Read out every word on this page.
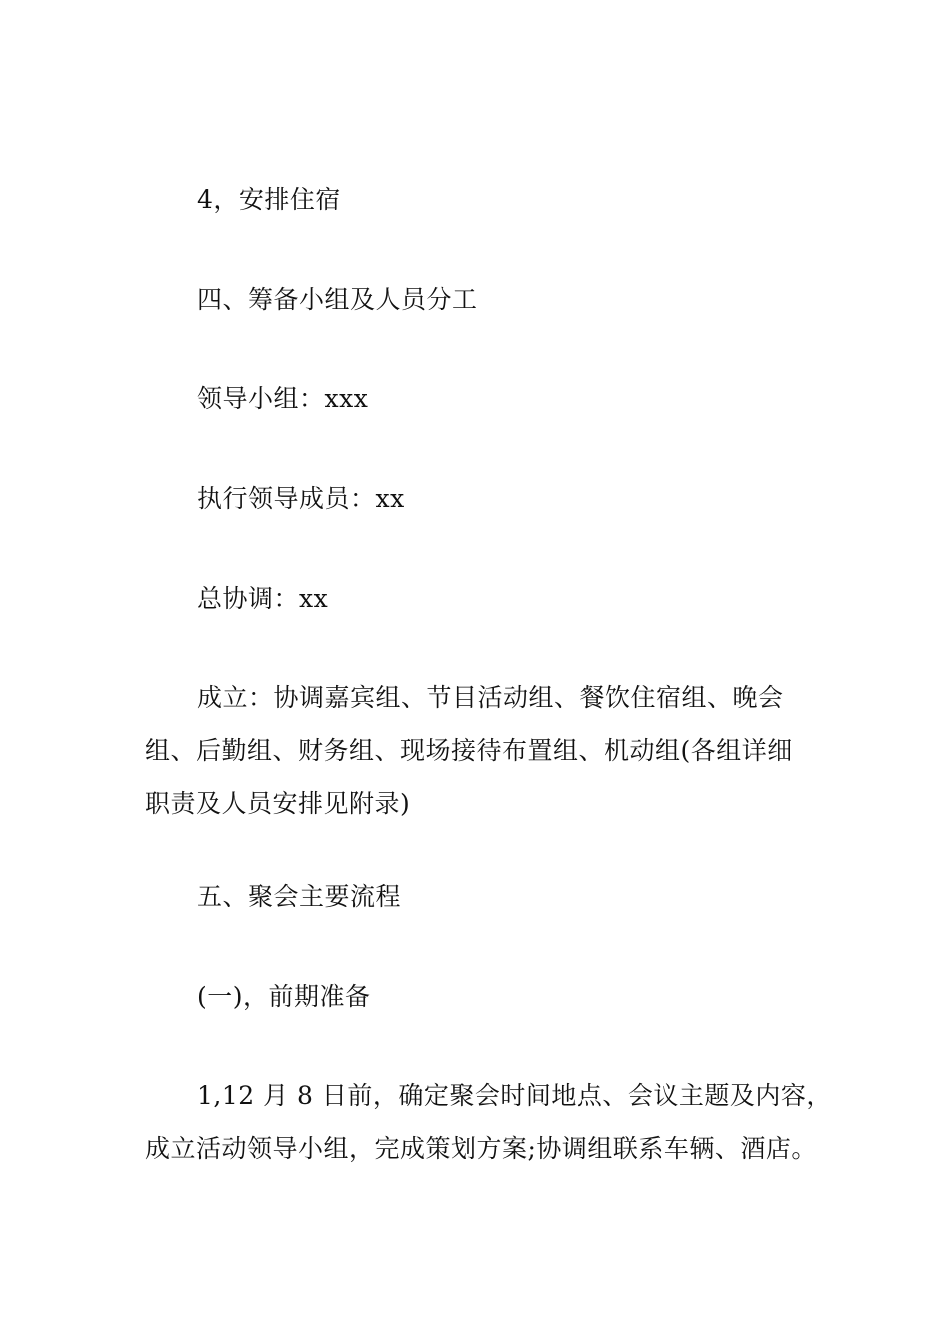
4，安排住宿
四、筹备小组及人员分工
领导小组：xxx
执行领导成员：xx
总协调：xx
成立：协调嘉宾组、节目活动组、餐饮住宿组、晚会
组、后勤组、财务组、现场接待布置组、机动组(各组详细
职责及人员安排见附录)
五、聚会主要流程
(一)，前期准备
1,12 月 8 日前，确定聚会时间地点、会议主题及内容，
成立活动领导小组，完成策划方案;协调组联系车辆、酒店。
